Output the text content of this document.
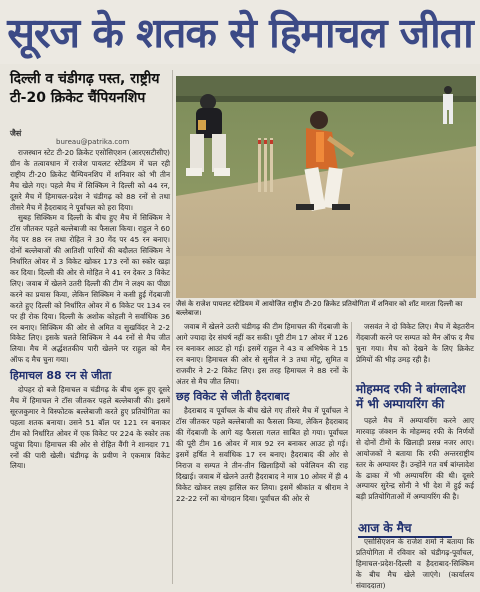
सूरज के शतक से हिमाचल जीता
दिल्ली व चंडीगढ़ पस्त, राष्ट्रीय टी-20 क्रिकेट चैंपियनशिप
जैसं
bureau@patrika.com

राजस्थान स्टेट टी-20 क्रिकेट एसोसिएशन (आरएसटीसीए) ग्रीन के तत्वावधान में राजेश पायलट स्टेडियम में चल रही राष्ट्रीय टी-20 क्रिकेट चैम्पियनशिप में शनिवार को भी तीन मैच खेले गए। पहले मैच में सिक्किम ने दिल्ली को 44 रन, दूसरे मैच में हिमाचल-प्रदेश ने चंडीगढ़ को 88 रनों से तथा तीसरे मैच में हैदराबाद ने पूर्वांचल को हरा दिया।

सुबह सिक्किम व दिल्ली के बीच हुए मैच में सिक्किम ने टॉस जीतकर पहले बल्लेबाजी का फैसला किया। राहुल ने 60 गेंद पर 88 रन तथा रोहित ने 30 गेंद पर 45 रन बनाए। दोनों बल्लेबाजों की आतिशी पारियों की बदौलत सिक्किम ने निर्धारित ओवर में 3 विकेट खोकर 173 रनों का स्कोर खड़ा कर दिया। दिल्ली की ओर से मोहित ने 41 रन देकर 3 विकेट लिए। जवाब में खेलने उतरी दिल्ली की टीम ने लक्ष्य का पीछा करने का प्रयास किया, लेकिन सिक्किम ने कसी हुई गेंदबाजी करते हुए दिल्ली को निर्धारित ओवर में 6 विकेट पर 134 रन पर ही रोक दिया। दिल्ली के अशोक कोहली ने सर्वाधिक 36 रन बनाए। सिक्किम की ओर से अमित व सुखविंदर ने 2-2 विकेट लिए। इसके चलते सिक्किम ने 44 रनों से मैच जीत लिया। मैच में अर्द्धशतकीय पारी खेलने पर राहुल को मैन ऑफ द मैच चुना गया।

हिमाचल 88 रन से जीता

दोपहर दो बजे हिमाचल व चंडीगढ़ के बीच शुरू हुए दूसरे मैच में हिमाचल ने टॉस जीतकर पहले बल्लेबाजी की। इसमें सूरजकुमार ने विस्फोटक बल्लेबाजी करते हुए प्रतियोगिता का पहला शतक बनाया। उसने 51 बॉल पर 121 रन बनाकर टीम को निर्धारित ओवर में एक विकेट पर 224 के स्कोर तक पहुंचा दिया। हिमाचल की ओर से रोहित वैंगी ने शानदार 71 रनों की पारी खेली। चंडीगढ़ के प्रवीण ने एकमात्र विकेट लिया।

जैसं के राजेश पायलट स्टेडियम में आयोजित राष्ट्रीय टी-20 क्रिकेट प्रतियोगिता में शनिवार को शॉट मारता दिल्ली का बल्लेबाज।

जवाब में खेलने उतरी चंडीगढ़ की टीम हिमाचल की गेंदबाजी के आगे ज्यादा देर संघर्ष नहीं कर सकी। पूरी टीम 17 ओवर में 126 रन बनाकर आउट हो गई। इसमें राहुल ने 43 व अभिषेक ने 15 रन बनाए। हिमाचल की ओर से सुनील ने 3 तथा मोंटू, सुमित व राजवीर ने 2-2 विकेट लिए। इस तरह हिमाचल ने 88 रनों के अंतर से मैच जीत लिया।

छह विकेट से जीती हैदराबाद

हैदराबाद व पूर्वांचल के बीच खेले गए तीसरे मैच में पूर्वांचल ने टॉस जीतकर पहले बल्लेबाजी का फैसला किया, लेकिन हैदराबाद की गेंदबाजी के आगे यह फैसला गलत साबित हो गया। पूर्वांचल की पूरी टीम 16 ओवर में मात्र 92 रन बनाकर आउट हो गई। इसमें हर्षित ने सर्वाधिक 17 रन बनाए। हैदराबाद की ओर से निराज व सम्पत ने तीन-तीन खिलाड़ियों को पवेलियन की राह दिखाई। जवाब में खेलने उतरी हैदराबाद ने मात्र 10 ओवर में ही 4 विकेट खोकर लक्ष्य हासिल कर लिया। इसमें श्रीकांत व श्रीराम ने 22-22 रनों का योगदान दिया। पूर्वांचल की ओर से

जसवंत ने दो विकेट लिए। मैच में बेहतरीन गेंदबाजी करने पर सम्पत को मैन ऑफ द मैच चुना गया। मैच को देखने के लिए क्रिकेट प्रेमियों की भीड़ उमड़ रही है।

मोहम्मद रफी ने बांग्लादेश में भी अम्पायरिंग की

पहले मैच में अम्पायरिंग करने आए मारवाड़ जंक्शन के मोहम्मद रफी के निर्णयों से दोनों टीमों के खिलाड़ी प्रसन्न नजर आए। आयोजकों ने बताया कि रफी अन्तरराष्ट्रीय स्तर के अम्पायर हैं। उन्होंने गत वर्ष बांग्लादेश के ढाका में भी अम्पायरिंग की थी। दूसरे अम्पायर सुरेन्द्र सोनी ने भी देश में हुई कई बड़ी प्रतियोगिताओं में अम्पायरिंग की है।

आज के मैच

एसोसिएशन के राजेश शर्मा ने बताया कि प्रतियोगिता में रविवार को चंडीगढ़-पूर्वांचल, हिमाचल-प्रदेश-दिल्ली व हैदराबाद-सिक्किम के बीच मैच खेले जाएंगे। (कार्यालय संवाददाता)
